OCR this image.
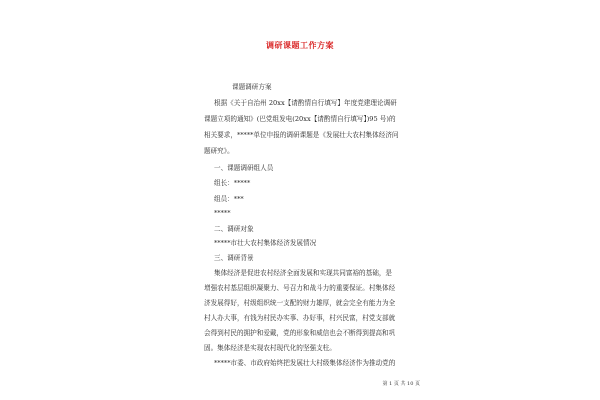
调研课题工作方案
课题调研方案
根据《关于自治州 20xx【请酌情自行填写】年度党建理论调研
课题立项的通知》(巴党组发电(20xx【请酌情自行填写】)95 号)的
相关要求，*****单位申报的调研课题是《发展壮大农村集体经济问
题研究》。
一、课题调研组人员
组长：*****
组员：***
*****
二、调研对象
*****市壮大农村集体经济发展情况
三、调研背景
集体经济是促进农村经济全面发展和实现共同富裕的基础，是
增强农村基层组织凝聚力、号召力和战斗力的重要保证。村集体经
济发展得好，村级组织统一支配的财力雄厚，就会完全有能力为全
村人办大事，有钱为村民办实事、办好事，村兴民富，村党支部就
会得到村民的拥护和爱戴，党的形象和威信也会不断得到提高和巩
固。集体经济是实现农村现代化的坚强支柱。
*****市委、市政府始终把发展壮大村级集体经济作为推动党的
第 1 页 共 10 页
